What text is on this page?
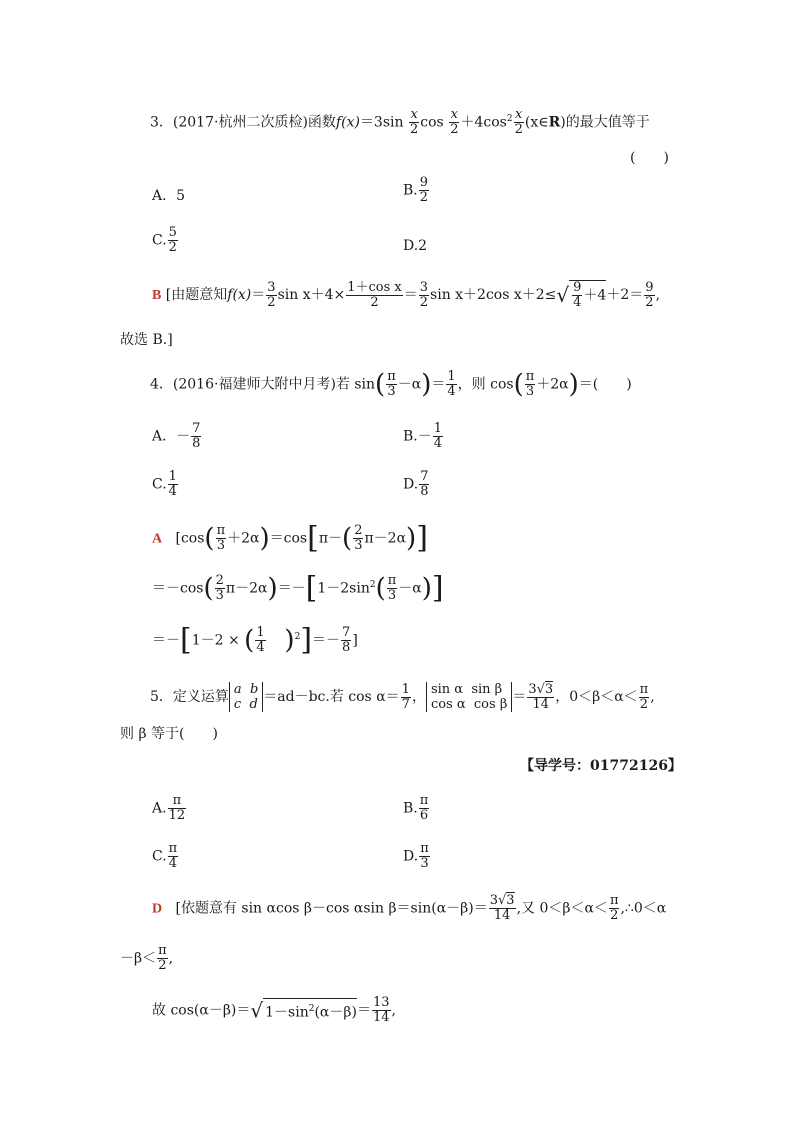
3．(2017·杭州二次质检)函数$f(x)=3\sin \frac{x}{2}$ $\cos \frac{x}{2} +4\cos^2 \frac{x}{2}$ (x∈R)的最大值等于
(　　)
A．5	B. $\frac{9}{2}$
C. $\frac{5}{2}$	D.2
B [由题意知$f(x)= \frac{3}{2}$ $\sin x+4\times \frac{\text{1＋cos x}}{2} = \frac{3}{2}$ sin x＋2cos $x+2\le√ \frac{9}{4} +4+2= \frac{9}{2}$ ,
故选 B.]
4．(2016·福建师大附中月考)若 $\sin( \frac{\pi}{3} -\alpha)= \frac{1}{4}$ ，则 $\cos( \frac{\pi}{3} +2\alpha)=$(　　)
A．－ $\frac{7}{8}$	$B.- \frac{1}{4}$
C. $\frac{1}{4}$	D. $\frac{7}{8}$
A [$\cos( \frac{\pi}{3} +2\alpha)=\cos[\pi-( \frac{2}{3} \pi-2\alpha)]$
$=-\cos( \frac{2}{3} \pi-2\alpha)=-[1-2\sin^2( \frac{\pi}{3} -\alpha)]$
＝－[1－2 × ( $\frac{1}{4} )^2]=- \frac{7}{8}$ ]
5．定义运算 a b
c d ＝ad－bc.若 $\cos \alpha= \frac{1}{7}$ ， sin α sin β
cos α $\cos \beta = \frac{3√3}{14}$ ，$0<\beta<\alpha< \frac{\pi}{2}$ ,
则 β 等于(　　)
【导学号：01772126】
A. $\frac{\pi}{12}$	B. $\frac{\pi}{6}$
C. $\frac{\pi}{4}$	D. $\frac{\pi}{3}$
D [依题意有 sin αcos β－cos αsin $\beta=\sin(\alpha-\beta)= \frac{3√3}{14}$ ,又 $0<\beta<\alpha< \frac{\pi}{2}$ ,∴0＜α
$-\beta< \frac{\pi}{2}$ ,
故 cos(α－β)＝√ $1-\sin^2(\alpha-\beta)= \frac{13}{14}$ ,
